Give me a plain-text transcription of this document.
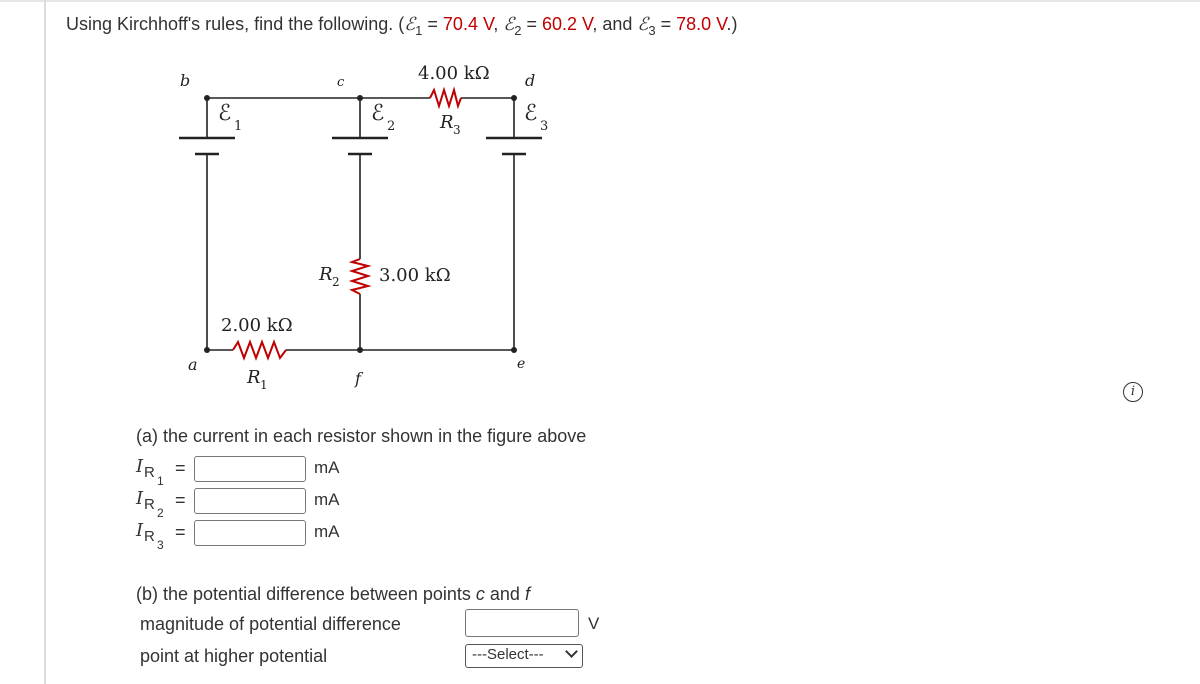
Using Kirchhoff's rules, find the following. (ℰ$_1$ = 70.4 V, ℰ$_2$ = 60.2 V, and ℰ$_3$ = 78.0 V.)
b	c	d
a
f
e
ℰ
1
ℰ
2
ℰ
3
4.00 kΩ
R 3
R 2 3.00 kΩ
2.00 kΩ
R 1	i
(a) the current in each resistor shown in the figure above
I R 1
=	mA
I R 2
=	mA
I R 3
=	mA
(b) the potential difference between points c and f
magnitude of potential difference	V
point at higher potential	---Select---
